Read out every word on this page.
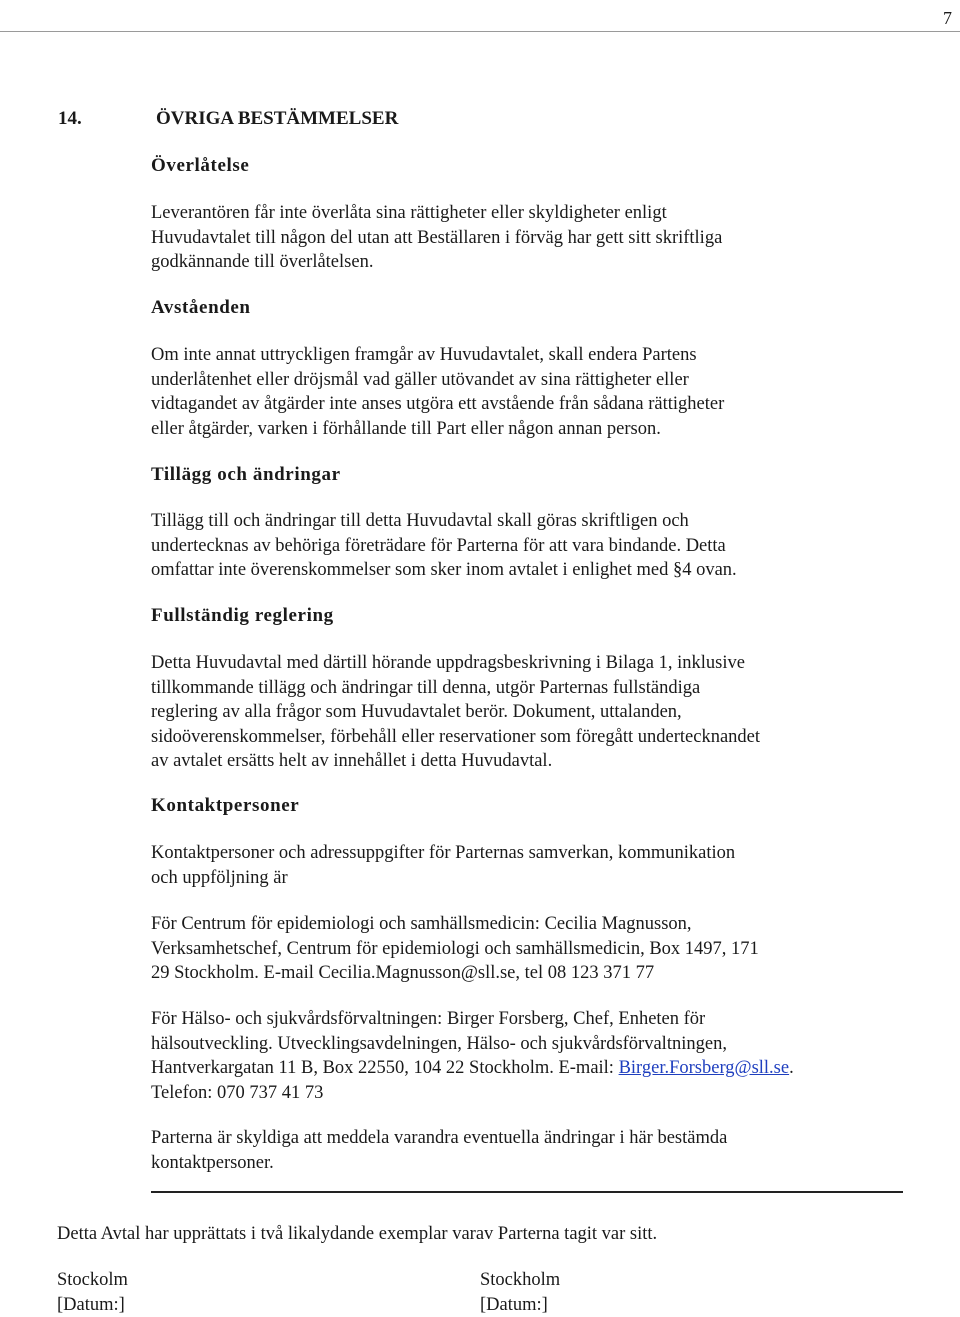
7
14.	ÖVRIGA BESTÄMMELSER
Överlåtelse
Leverantören får inte överlåta sina rättigheter eller skyldigheter enligt
Huvudavtalet till någon del utan att Beställaren i förväg har gett sitt skriftliga
godkännande till överlåtelsen.
Avståenden
Om inte annat uttryckligen framgår av Huvudavtalet, skall endera Partens
underlåtenhet eller dröjsmål vad gäller utövandet av sina rättigheter eller
vidtagandet av åtgärder inte anses utgöra ett avstående från sådana rättigheter
eller åtgärder, varken i förhållande till Part eller någon annan person.
Tillägg och ändringar
Tillägg till och ändringar till detta Huvudavtal skall göras skriftligen och
undertecknas av behöriga företrädare för Parterna för att vara bindande. Detta
omfattar inte överenskommelser som sker inom avtalet i enlighet med §4 ovan.
Fullständig reglering
Detta Huvudavtal med därtill hörande uppdragsbeskrivning i Bilaga 1, inklusive
tillkommande tillägg och ändringar till denna, utgör Parternas fullständiga
reglering av alla frågor som Huvudavtalet berör. Dokument, uttalanden,
sidoöverenskommelser, förbehåll eller reservationer som föregått undertecknandet
av avtalet ersätts helt av innehållet i detta Huvudavtal.
Kontaktpersoner
Kontaktpersoner och adressuppgifter för Parternas samverkan, kommunikation
och uppföljning är
För Centrum för epidemiologi och samhällsmedicin: Cecilia Magnusson,
Verksamhetschef, Centrum för epidemiologi och samhällsmedicin, Box 1497, 171
29 Stockholm. E-mail Cecilia.Magnusson@sll.se, tel 08 123 371 77
För Hälso- och sjukvårdsförvaltningen: Birger Forsberg, Chef, Enheten för
hälsoutveckling. Utvecklingsavdelningen, Hälso- och sjukvårdsförvaltningen,
Hantverkargatan 11 B, Box 22550, 104 22 Stockholm. E-mail: Birger.Forsberg@sll.se.
Telefon: 070 737 41 73
Parterna är skyldiga att meddela varandra eventuella ändringar i här bestämda
kontaktpersoner.
Detta Avtal har upprättats i två likalydande exemplar varav Parterna tagit var sitt.
Stockolm
[Datum:]
Stockholm
[Datum:]
